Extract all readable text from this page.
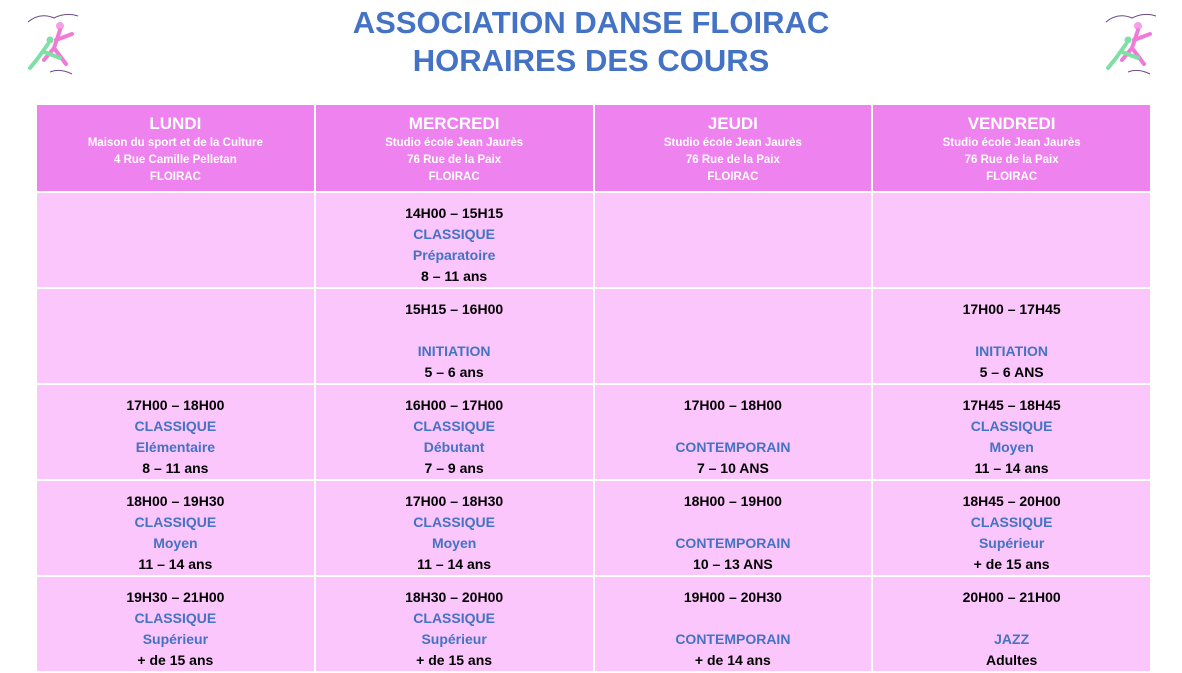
ASSOCIATION DANSE FLOIRAC
HORAIRES DES COURS
LUNDI
Maison du sport et de la Culture
4 Rue Camille Pelletan
FLOIRAC	MERCREDI
Studio école Jean Jaurès
76 Rue de la Paix
FLOIRAC	JEUDI
Studio école Jean Jaurès
76 Rue de la Paix
FLOIRAC	VENDREDI
Studio école Jean Jaurès
76 Rue de la Paix
FLOIRAC

	14H00 – 15H15
CLASSIQUE
Préparatoire
8 – 11 ans		

	15H15 – 16H00
INITIATION
5 – 6 ans		17H00 – 17H45
INITIATION
5 – 6 ANS

17H00 – 18H00
CLASSIQUE
Elémentaire
8 – 11 ans	16H00 – 17H00
CLASSIQUE
Débutant
7 – 9 ans	17H00 – 18H00
CONTEMPORAIN
7 – 10 ANS	17H45 – 18H45
CLASSIQUE
Moyen
11 – 14 ans

18H00 – 19H30
CLASSIQUE
Moyen
11 – 14 ans	17H00 – 18H30
CLASSIQUE
Moyen
11 – 14 ans	18H00 – 19H00
CONTEMPORAIN
10 – 13 ANS	18H45 – 20H00
CLASSIQUE
Supérieur
+ de 15 ans

19H30 – 21H00
CLASSIQUE
Supérieur
+ de 15 ans	18H30 – 20H00
CLASSIQUE
Supérieur
+ de 15 ans	19H00 – 20H30
CONTEMPORAIN
+ de 14 ans	20H00 – 21H00
JAZZ
Adultes
